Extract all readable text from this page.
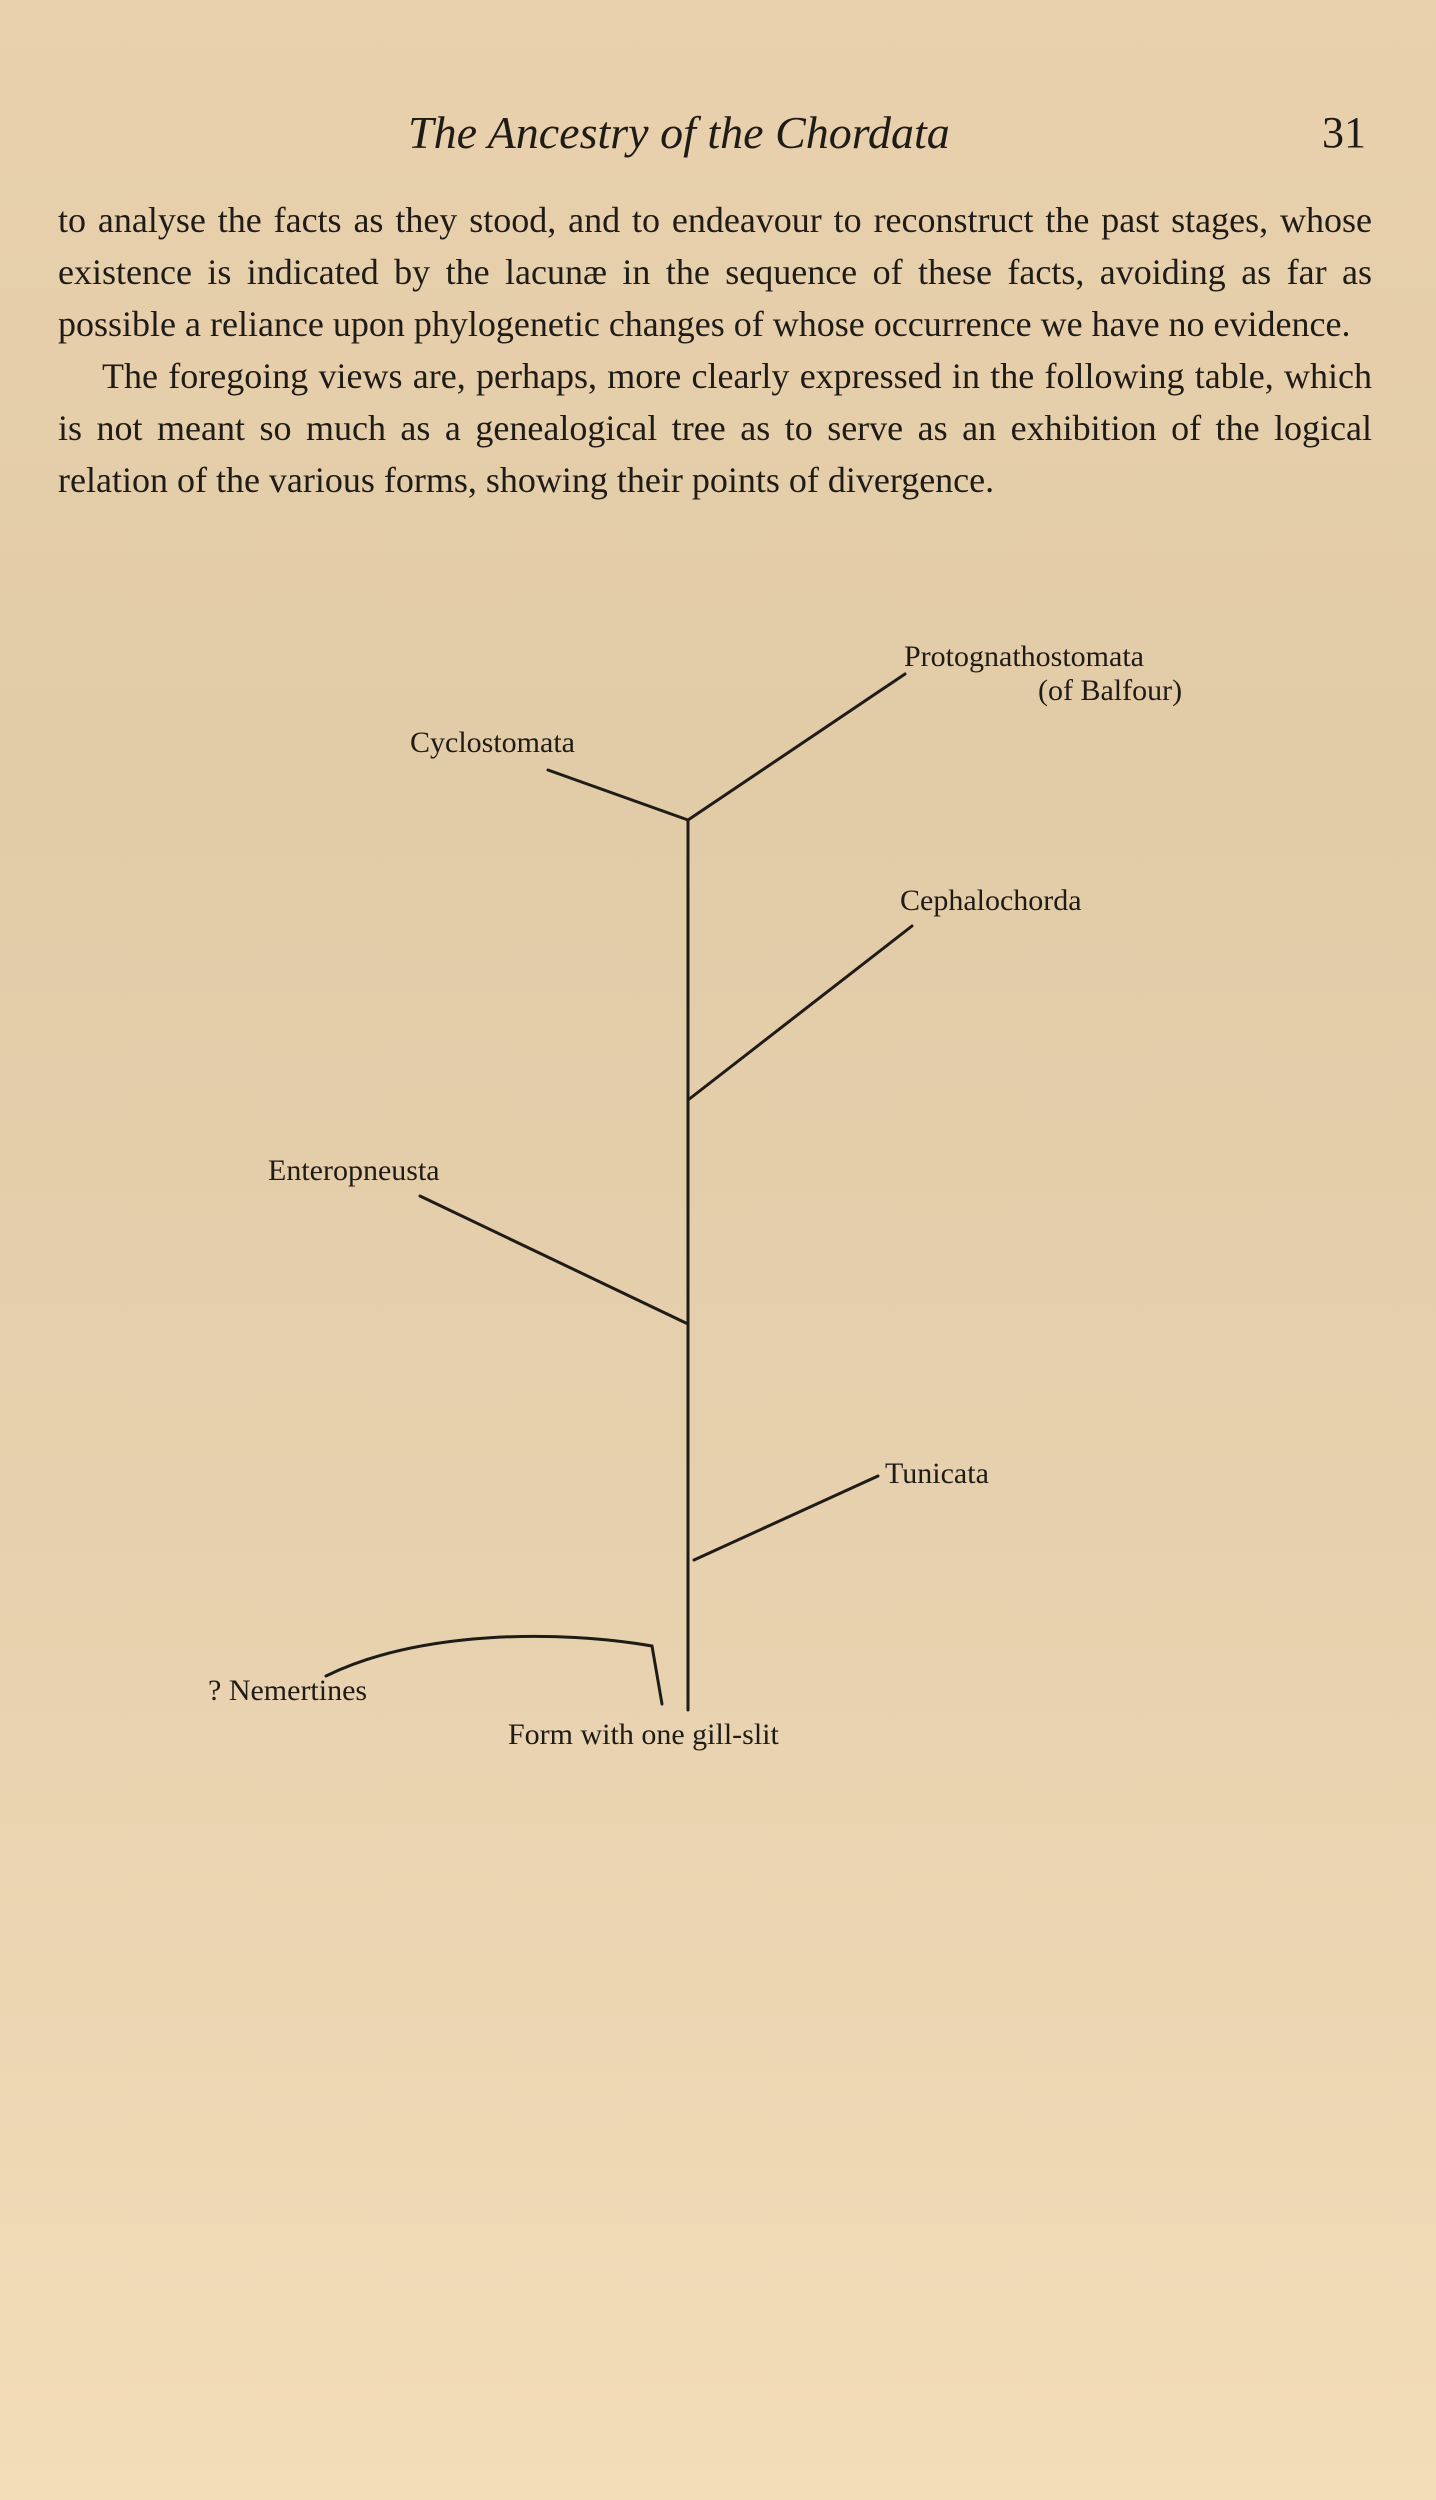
The Ancestry of the Chordata	31

to analyse the facts as they stood, and to endeavour to reconstruct the past stages, whose existence is indicated by the lacunæ in the sequence of these facts, avoiding as far as possible a reliance upon phylogenetic changes of whose occurrence we have no evidence.

The foregoing views are, perhaps, more clearly expressed in the following table, which is not meant so much as a genealogical tree as to serve as an exhibition of the logical relation of the various forms, showing their points of divergence.

Protognathostomata
(of Balfour)
Cyclostomata
Cephalochorda
Enteropneusta
Tunicata
? Nemertines
Form with one gill-slit
